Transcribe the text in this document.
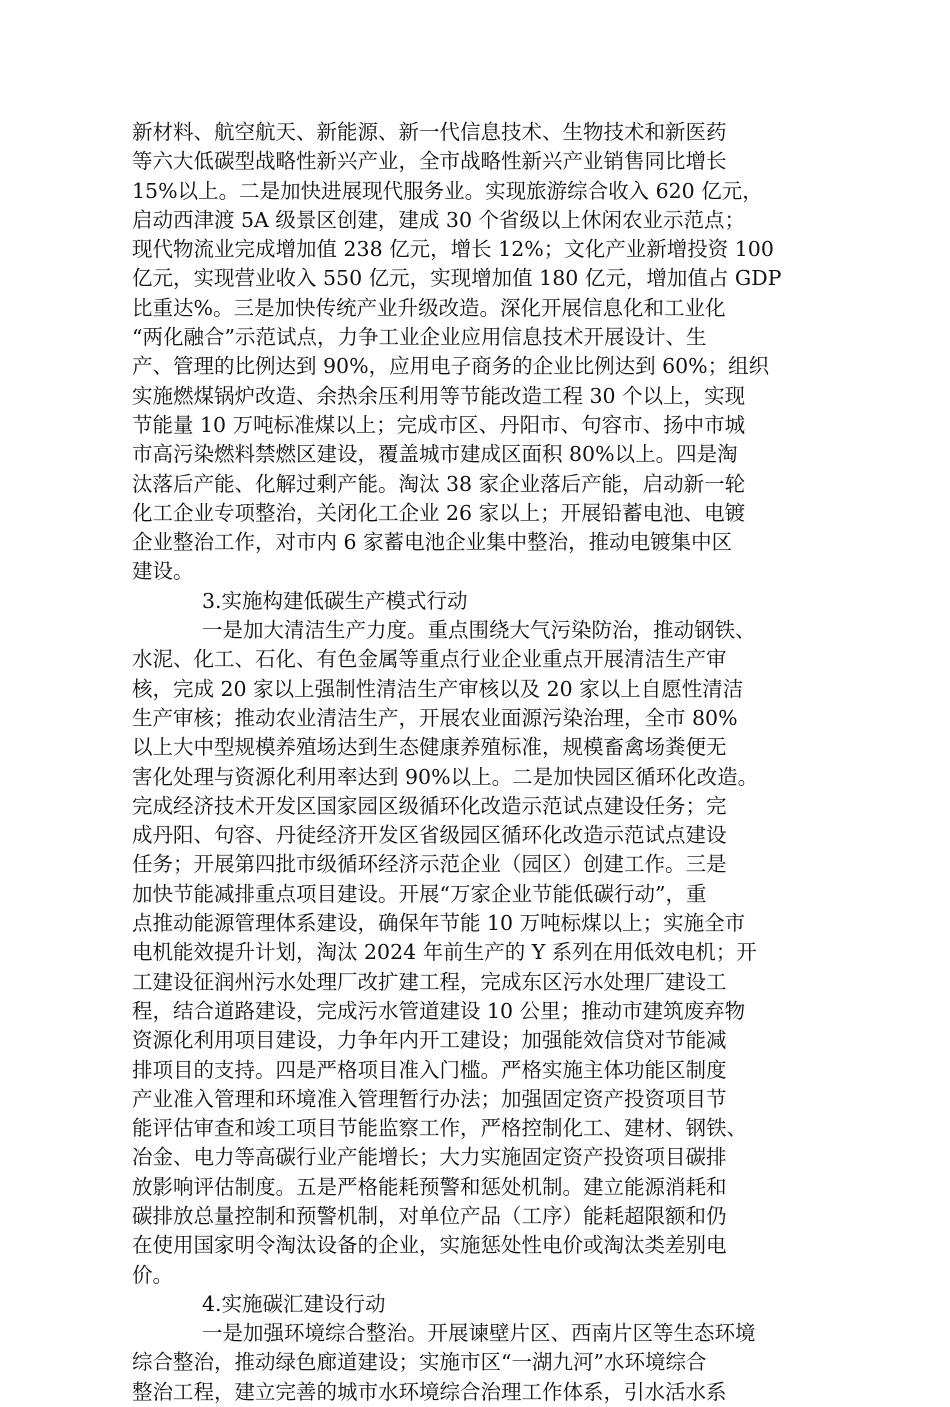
新材料、航空航天、新能源、新一代信息技术、生物技术和新医药
等六大低碳型战略性新兴产业，全市战略性新兴产业销售同比增长
15%以上。二是加快进展现代服务业。实现旅游综合收入 620 亿元，
启动西津渡 5A 级景区创建，建成 30 个省级以上休闲农业示范点；
现代物流业完成增加值 238 亿元，增长 12%；文化产业新增投资 100
亿元，实现营业收入 550 亿元，实现增加值 180 亿元，增加值占 GDP
比重达%。三是加快传统产业升级改造。深化开展信息化和工业化
“两化融合”示范试点，力争工业企业应用信息技术开展设计、生
产、管理的比例达到 90%，应用电子商务的企业比例达到 60%；组织
实施燃煤锅炉改造、余热余压利用等节能改造工程 30 个以上，实现
节能量 10 万吨标准煤以上；完成市区、丹阳市、句容市、扬中市城
市高污染燃料禁燃区建设，覆盖城市建成区面积 80%以上。四是淘
汰落后产能、化解过剩产能。淘汰 38 家企业落后产能，启动新一轮
化工企业专项整治，关闭化工企业 26 家以上；开展铅蓄电池、电镀
企业整治工作，对市内 6 家蓄电池企业集中整治，推动电镀集中区
建设。
3.实施构建低碳生产模式行动
一是加大清洁生产力度。重点围绕大气污染防治，推动钢铁、
水泥、化工、石化、有色金属等重点行业企业重点开展清洁生产审
核，完成 20 家以上强制性清洁生产审核以及 20 家以上自愿性清洁
生产审核；推动农业清洁生产，开展农业面源污染治理，全市 80%
以上大中型规模养殖场达到生态健康养殖标准，规模畜禽场粪便无
害化处理与资源化利用率达到 90%以上。二是加快园区循环化改造。
完成经济技术开发区国家园区级循环化改造示范试点建设任务；完
成丹阳、句容、丹徒经济开发区省级园区循环化改造示范试点建设
任务；开展第四批市级循环经济示范企业（园区）创建工作。三是
加快节能减排重点项目建设。开展“万家企业节能低碳行动”，重
点推动能源管理体系建设，确保年节能 10 万吨标煤以上；实施全市
电机能效提升计划，淘汰 2024 年前生产的 Y 系列在用低效电机；开
工建设征润州污水处理厂改扩建工程，完成东区污水处理厂建设工
程，结合道路建设，完成污水管道建设 10 公里；推动市建筑废弃物
资源化利用项目建设，力争年内开工建设；加强能效信贷对节能减
排项目的支持。四是严格项目准入门槛。严格实施主体功能区制度
产业准入管理和环境准入管理暂行办法；加强固定资产投资项目节
能评估审查和竣工项目节能监察工作，严格控制化工、建材、钢铁、
冶金、电力等高碳行业产能增长；大力实施固定资产投资项目碳排
放影响评估制度。五是严格能耗预警和惩处机制。建立能源消耗和
碳排放总量控制和预警机制，对单位产品（工序）能耗超限额和仍
在使用国家明令淘汰设备的企业，实施惩处性电价或淘汰类差别电
价。
4.实施碳汇建设行动
一是加强环境综合整治。开展谏壁片区、西南片区等生态环境
综合整治，推动绿色廊道建设；实施市区“一湖九河”水环境综合
整治工程，建立完善的城市水环境综合治理工作体系，引水活水系
